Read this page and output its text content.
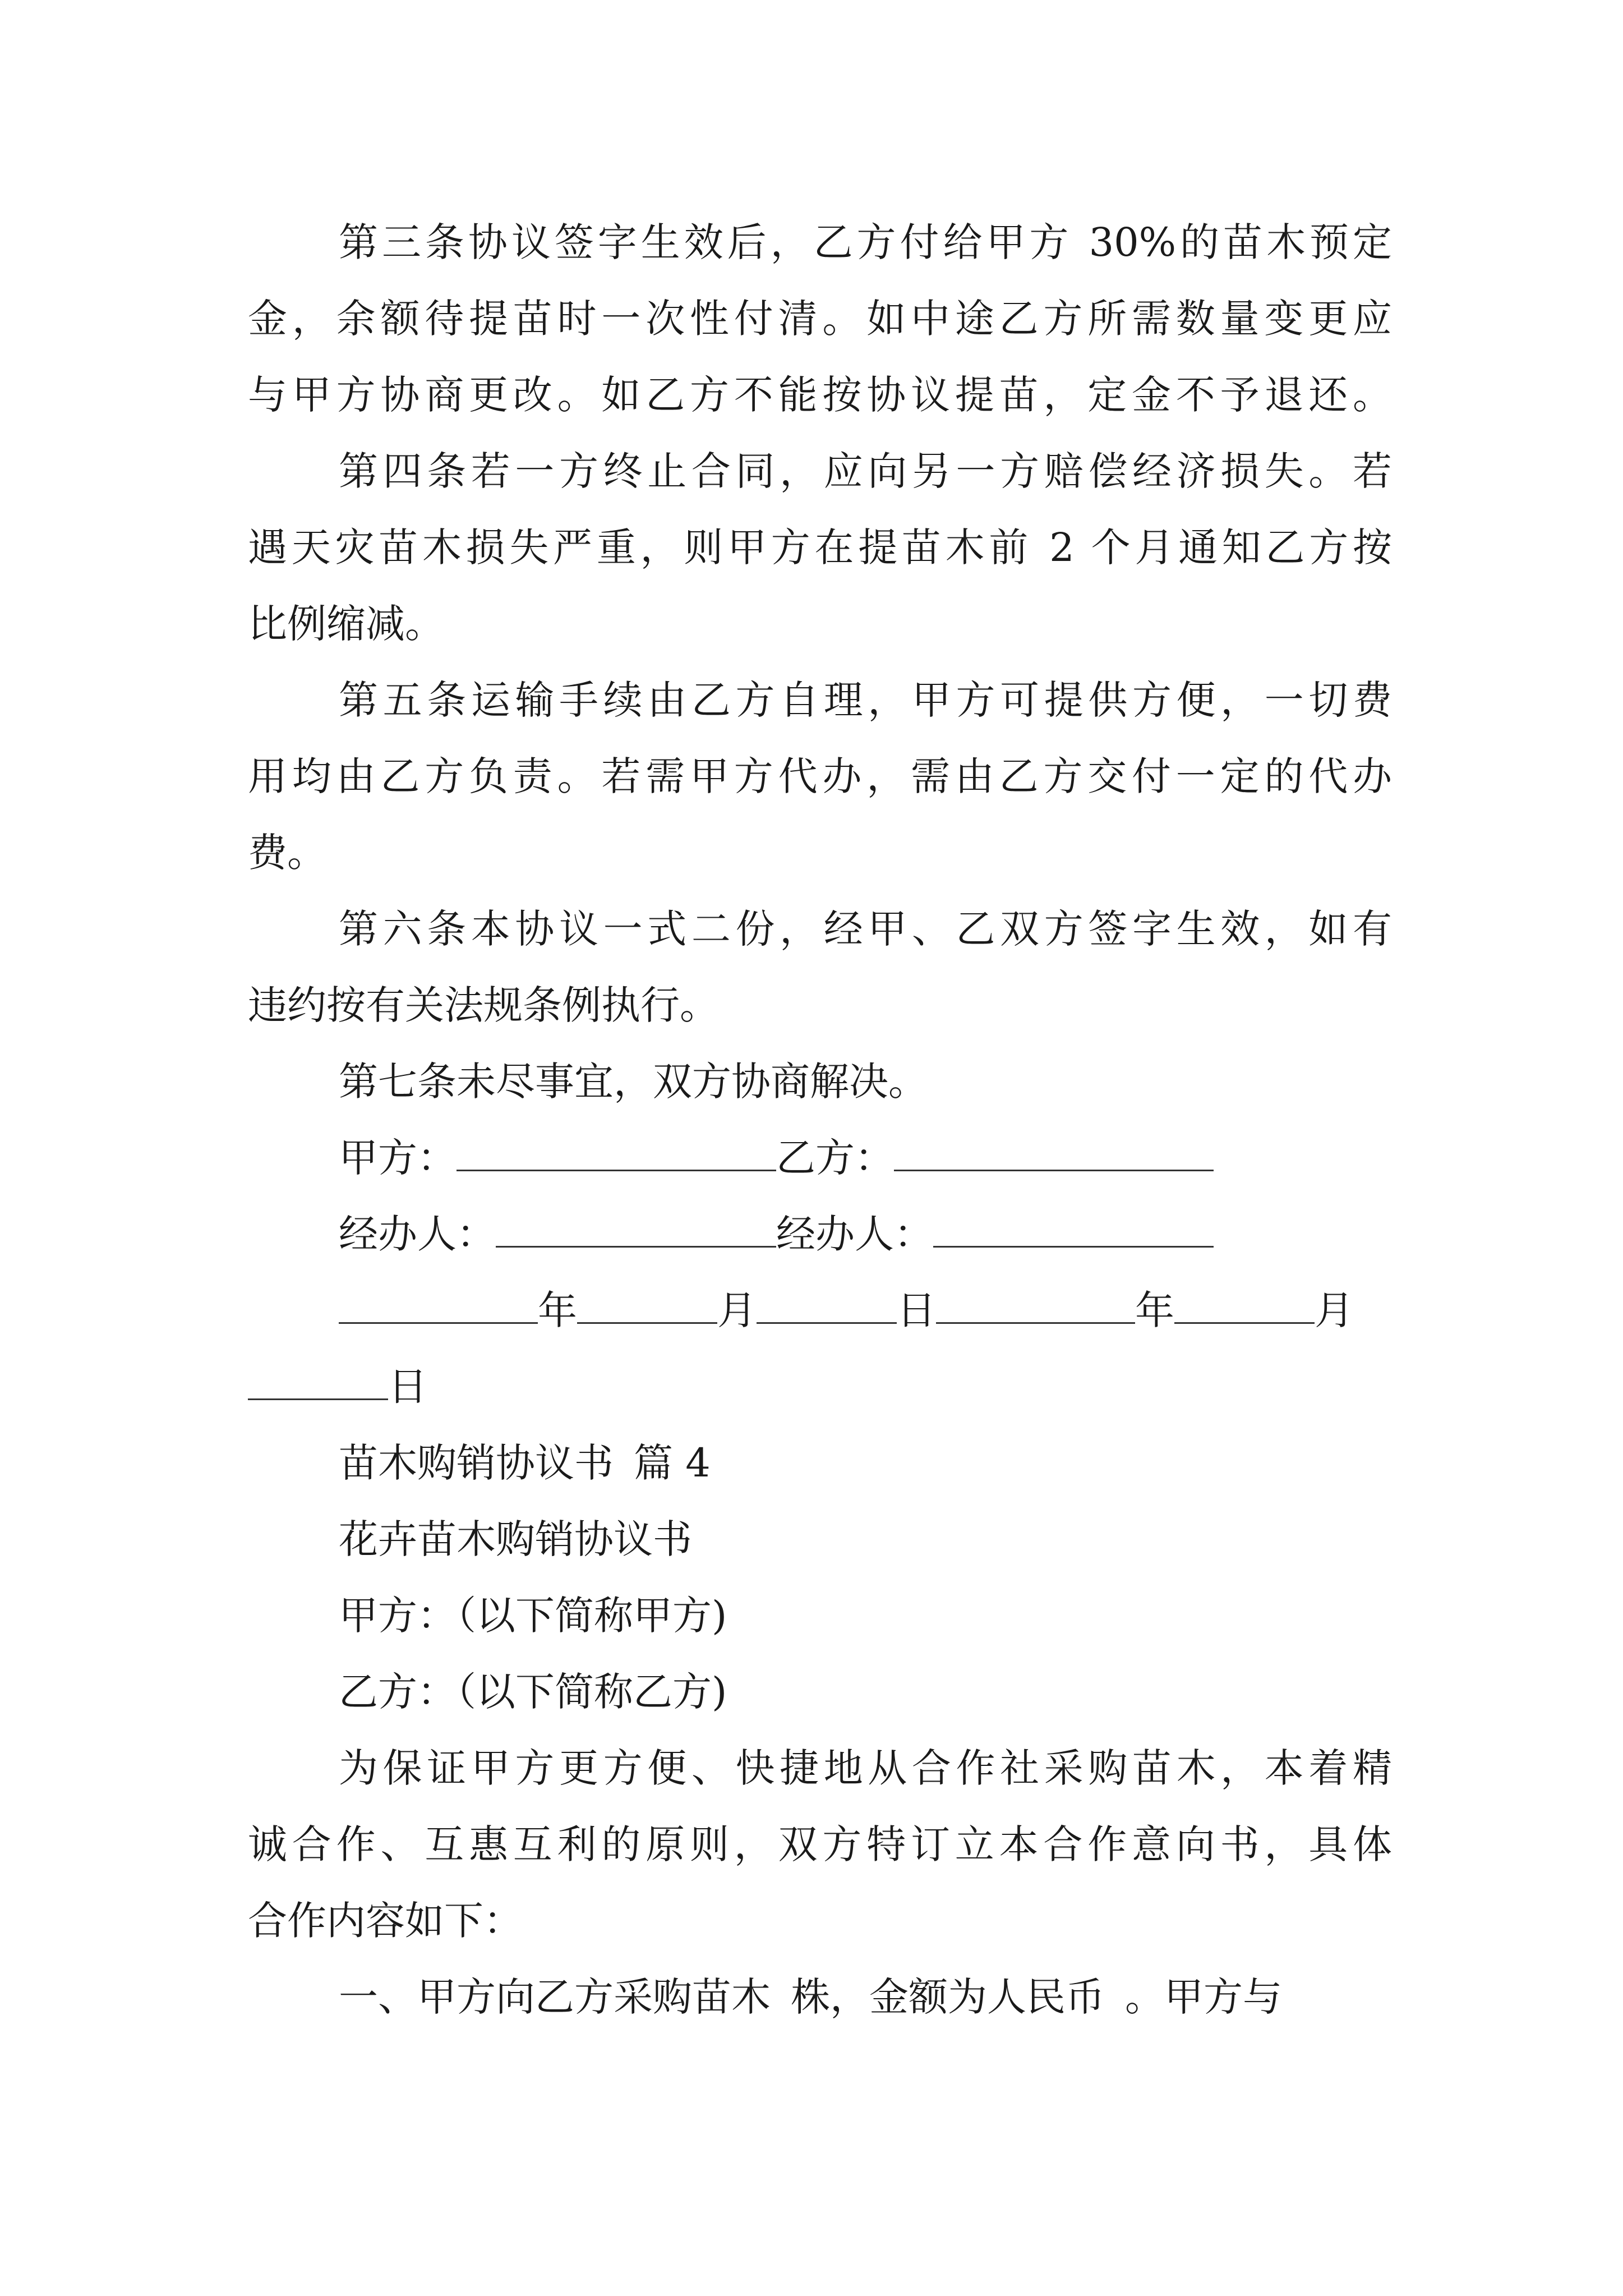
第三条协议签字生效后，乙方付给甲方 30%的苗木预定
金，余额待提苗时一次性付清。如中途乙方所需数量变更应
与甲方协商更改。如乙方不能按协议提苗，定金不予退还。
第四条若一方终止合同，应向另一方赔偿经济损失。若
遇天灾苗木损失严重，则甲方在提苗木前 2 个月通知乙方按
比例缩减。
第五条运输手续由乙方自理，甲方可提供方便，一切费
用均由乙方负责。若需甲方代办，需由乙方交付一定的代办
费。
第六条本协议一式二份，经甲、乙双方签字生效，如有
违约按有关法规条例执行。
第七条未尽事宜，双方协商解决。
甲方：	乙方：
经办人：	经办人：
年	月	日	年	月
日
苗木购销协议书 篇 4
花卉苗木购销协议书
甲方：（以下简称甲方)
乙方：（以下简称乙方)
为保证甲方更方便、快捷地从合作社采购苗木，本着精
诚合作、互惠互利的原则，双方特订立本合作意向书，具体
合作内容如下：
一、甲方向乙方采购苗木 株，金额为人民币 。甲方与
